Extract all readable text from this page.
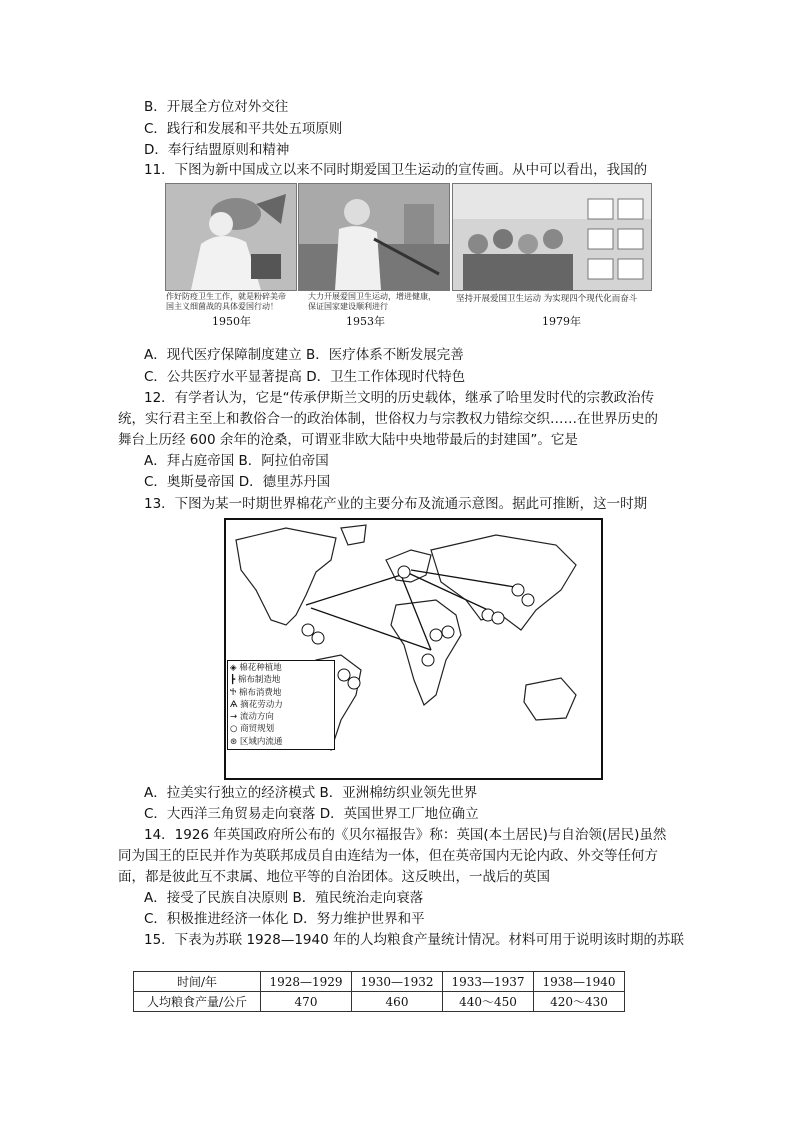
B．开展全方位对外交往
C．践行和发展和平共处五项原则
D．奉行结盟原则和精神
11．下图为新中国成立以来不同时期爱国卫生运动的宣传画。从中可以看出，我国的
作好防疫卫生工作，就是粉碎美帝
国主义细菌战的具体爱国行动！
1950年
大力开展爱国卫生运动，增进健康，
保证国家建设顺利进行
1953年
坚持开展爱国卫生运动 为实现四个现代化而奋斗
1979年
A．现代医疗保障制度建立 B．医疗体系不断发展完善
C．公共医疗水平显著提高 D．卫生工作体现时代特色
12．有学者认为，它是“传承伊斯兰文明的历史载体，继承了哈里发时代的宗教政治传
统，实行君主至上和教俗合一的政治体制，世俗权力与宗教权力错综交织……在世界历史的
舞台上历经 600 余年的沧桑，可谓亚非欧大陆中央地带最后的封建国”。它是
A．拜占庭帝国 B．阿拉伯帝国
C．奥斯曼帝国 D．德里苏丹国
13．下图为某一时期世界棉花产业的主要分布及流通示意图。据此可推断，这一时期
◈ 棉花种植地
┣ 棉布制造地
Ⴕ 棉布消费地
Ѧ 摘花劳动力
→ 流动方向
○ 商贸规划
⊛ 区域内流通
A．拉美实行独立的经济模式 B．亚洲棉纺织业领先世界
C．大西洋三角贸易走向衰落 D．英国世界工厂地位确立
14．1926 年英国政府所公布的《贝尔福报告》称：英国(本土居民)与自治领(居民)虽然
同为国王的臣民并作为英联邦成员自由连结为一体，但在英帝国内无论内政、外交等任何方
面，都是彼此互不隶属、地位平等的自治团体。这反映出，一战后的英国
A．接受了民族自决原则 B．殖民统治走向衰落
C．积极推进经济一体化 D．努力维护世界和平
15．下表为苏联 1928—1940 年的人均粮食产量统计情况。材料可用于说明该时期的苏联
时间/年	1928—1929	1930—1932	1933—1937	1938—1940
人均粮食产量/公斤	470	460	440～450	420～430
